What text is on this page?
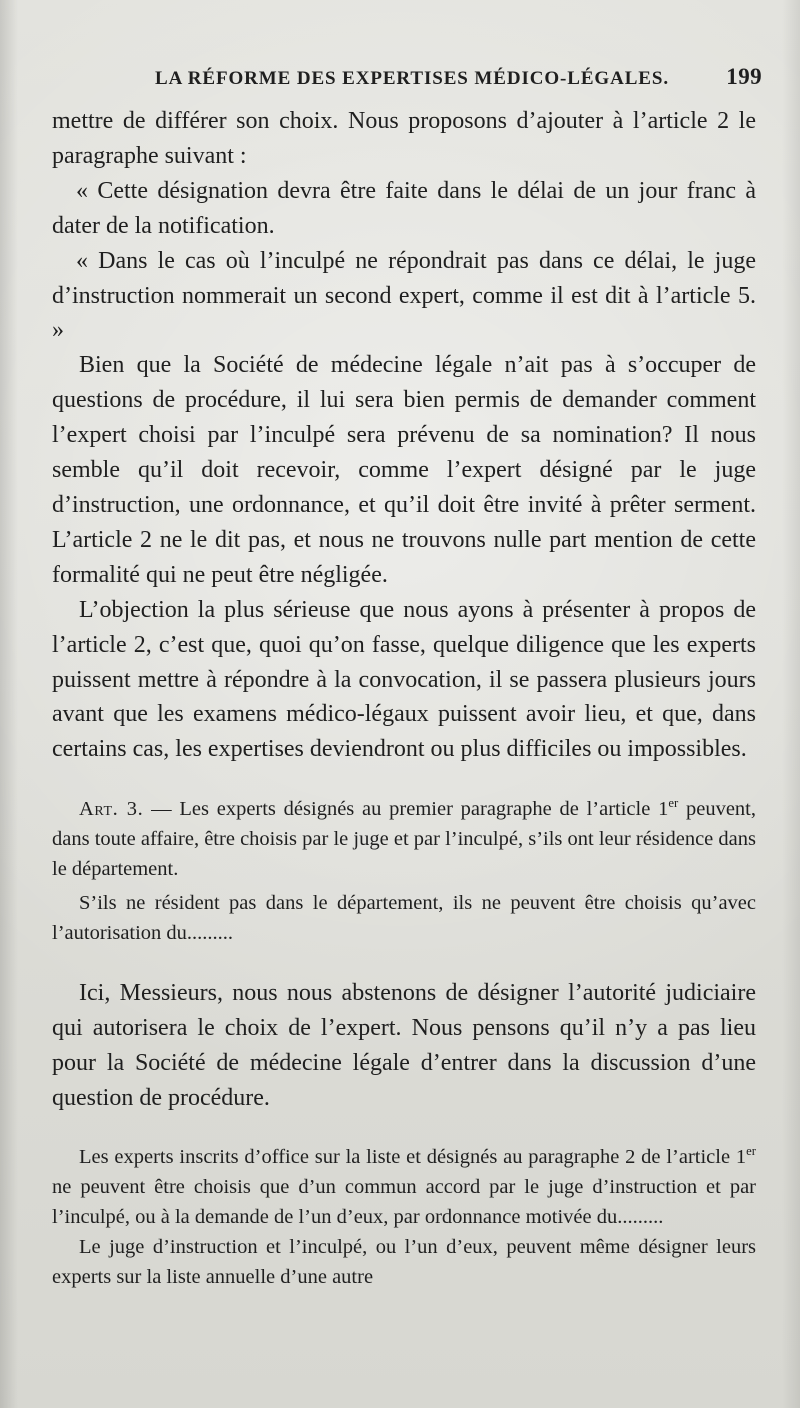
LA RÉFORME DES EXPERTISES MÉDICO-LÉGALES. 199

mettre de différer son choix. Nous proposons d’ajouter à l’article 2 le paragraphe suivant :

« Cette désignation devra être faite dans le délai de un jour franc à dater de la notification.

« Dans le cas où l’inculpé ne répondrait pas dans ce délai, le juge d’instruction nommerait un second expert, comme il est dit à l’article 5. »

Bien que la Société de médecine légale n’ait pas à s’occuper de questions de procédure, il lui sera bien permis de demander comment l’expert choisi par l’inculpé sera prévenu de sa nomination? Il nous semble qu’il doit recevoir, comme l’expert désigné par le juge d’instruction, une ordonnance, et qu’il doit être invité à prêter serment. L’article 2 ne le dit pas, et nous ne trouvons nulle part mention de cette formalité qui ne peut être négligée.

L’objection la plus sérieuse que nous ayons à présenter à propos de l’article 2, c’est que, quoi qu’on fasse, quelque diligence que les experts puissent mettre à répondre à la convocation, il se passera plusieurs jours avant que les examens médico-légaux puissent avoir lieu, et que, dans certains cas, les expertises deviendront ou plus difficiles ou impossibles.

Art. 3. — Les experts désignés au premier paragraphe de l’article 1er peuvent, dans toute affaire, être choisis par le juge et par l’inculpé, s’ils ont leur résidence dans le département.

S’ils ne résident pas dans le département, ils ne peuvent être choisis qu’avec l’autorisation du.........

Ici, Messieurs, nous nous abstenons de désigner l’autorité judiciaire qui autorisera le choix de l’expert. Nous pensons qu’il n’y a pas lieu pour la Société de médecine légale d’entrer dans la discussion d’une question de procédure.

Les experts inscrits d’office sur la liste et désignés au paragraphe 2 de l’article 1er ne peuvent être choisis que d’un commun accord par le juge d’instruction et par l’inculpé, ou à la demande de l’un d’eux, par ordonnance motivée du.........

Le juge d’instruction et l’inculpé, ou l’un d’eux, peuvent même désigner leurs experts sur la liste annuelle d’une autre
